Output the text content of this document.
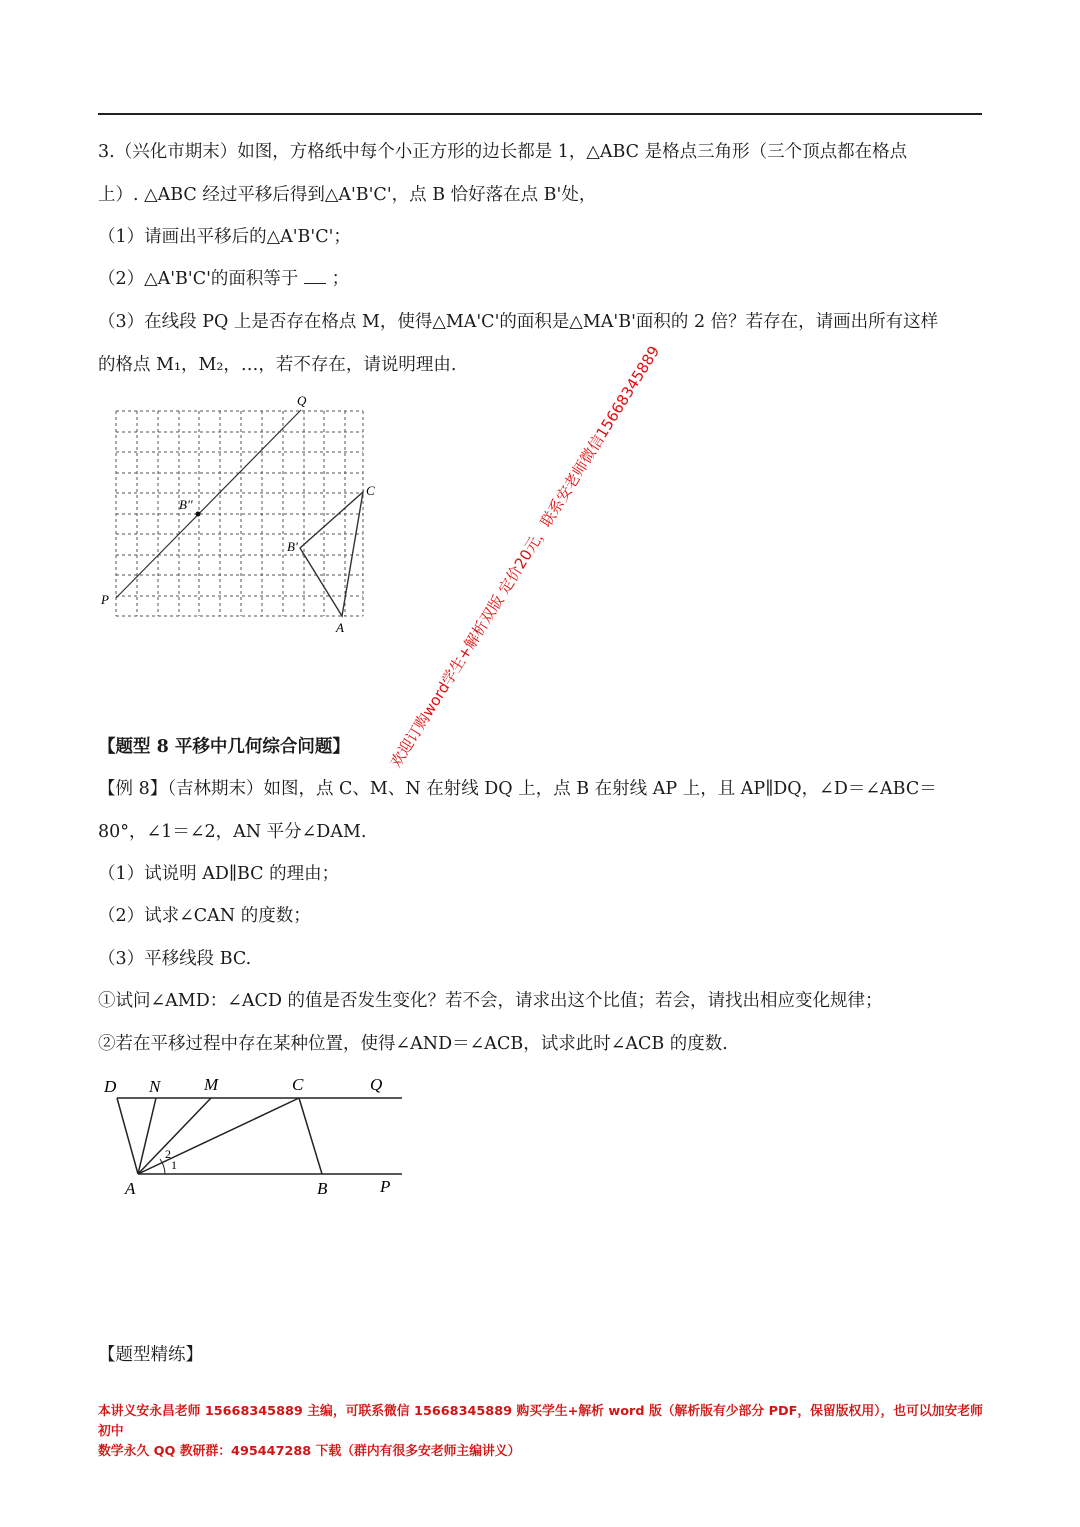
3.（兴化市期末）如图，方格纸中每个小正方形的边长都是 1，△ABC 是格点三角形（三个顶点都在格点
上）. △ABC 经过平移后得到△A'B'C'，点 B 恰好落在点 B'处，
（1）请画出平移后的△A'B'C'；
（2）△A'B'C'的面积等于 ；
（3）在线段 PQ 上是否存在格点 M，使得△MA'C'的面积是△MA'B'面积的 2 倍？若存在，请画出所有这样
的格点 M₁，M₂，…，若不存在，请说明理由.
Q
P
C
B'
B''
A	欢迎订购word学生+解析双版 定价20元，联系安老师微信15668345889
【题型 8 平移中几何综合问题】
【例 8】（吉林期末）如图，点 C、M、N 在射线 DQ 上，点 B 在射线 AP 上，且 AP∥DQ，∠D＝∠ABC＝
80°，∠1＝∠2，AN 平分∠DAM.
（1）试说明 AD∥BC 的理由；
（2）试求∠CAN 的度数；
（3）平移线段 BC.
①试问∠AMD：∠ACD 的值是否发生变化？若不会，请求出这个比值；若会，请找出相应变化规律；
②若在平移过程中存在某种位置，使得∠AND＝∠ACB，试求此时∠ACB 的度数.
D N	M	C	Q
A	B	P
1
2
【题型精练】
本讲义安永昌老师 15668345889 主编，可联系微信 15668345889 购买学生+解析 word 版（解析版有少部分 PDF，保留版权用），也可以加安老师初中
数学永久 QQ 教研群：495447288 下载（群内有很多安老师主编讲义）
